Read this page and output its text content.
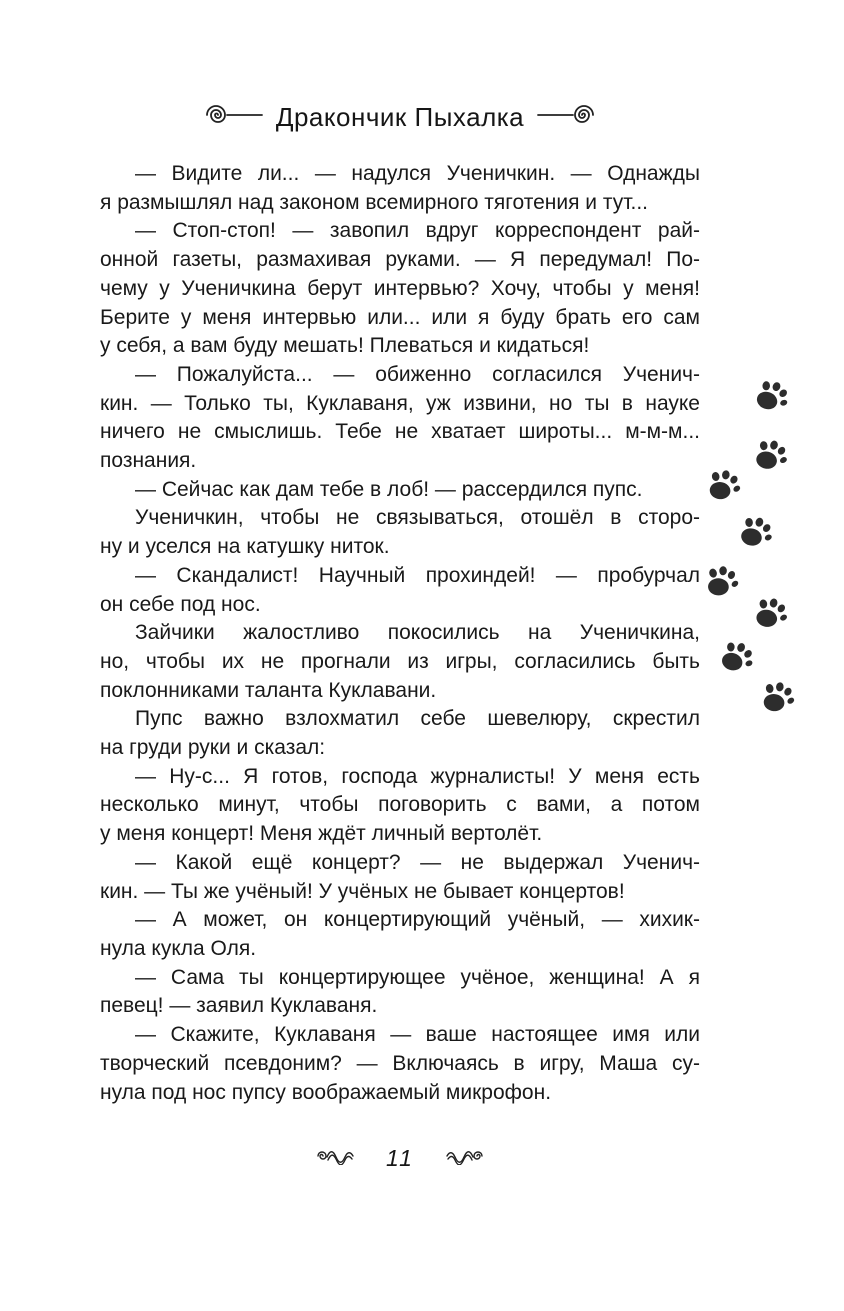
Дракончик Пыхалка
— Видите ли... — надулся Ученичкин. — Однажды
я размышлял над законом всемирного тяготения и тут...
— Стоп-стоп! — завопил вдруг корреспондент рай-
онной газеты, размахивая руками. — Я передумал! По-
чему у Ученичкина берут интервью? Хочу, чтобы у меня!
Берите у меня интервью или... или я буду брать его сам
у себя, а вам буду мешать! Плеваться и кидаться!
— Пожалуйста... — обиженно согласился Ученич-
кин. — Только ты, Куклаваня, уж извини, но ты в науке
ничего не смыслишь. Тебе не хватает широты... м-м-м...
познания.
— Сейчас как дам тебе в лоб! — рассердился пупс.
Ученичкин, чтобы не связываться, отошёл в сторо-
ну и уселся на катушку ниток.
— Скандалист! Научный прохиндей! — пробурчал
он себе под нос.
Зайчики жалостливо покосились на Ученичкина,
но, чтобы их не прогнали из игры, согласились быть
поклонниками таланта Куклавани.
Пупс важно взлохматил себе шевелюру, скрестил
на груди руки и сказал:
— Ну-с... Я готов, господа журналисты! У меня есть
несколько минут, чтобы поговорить с вами, а потом
у меня концерт! Меня ждёт личный вертолёт.
— Какой ещё концерт? — не выдержал Ученич-
кин. — Ты же учёный! У учёных не бывает концертов!
— А может, он концертирующий учёный, — хихик-
нула кукла Оля.
— Сама ты концертирующее учёное, женщина! А я
певец! — заявил Куклаваня.
— Скажите, Куклаваня — ваше настоящее имя или
творческий псевдоним? — Включаясь в игру, Маша су-
нула под нос пупсу воображаемый микрофон.
11
